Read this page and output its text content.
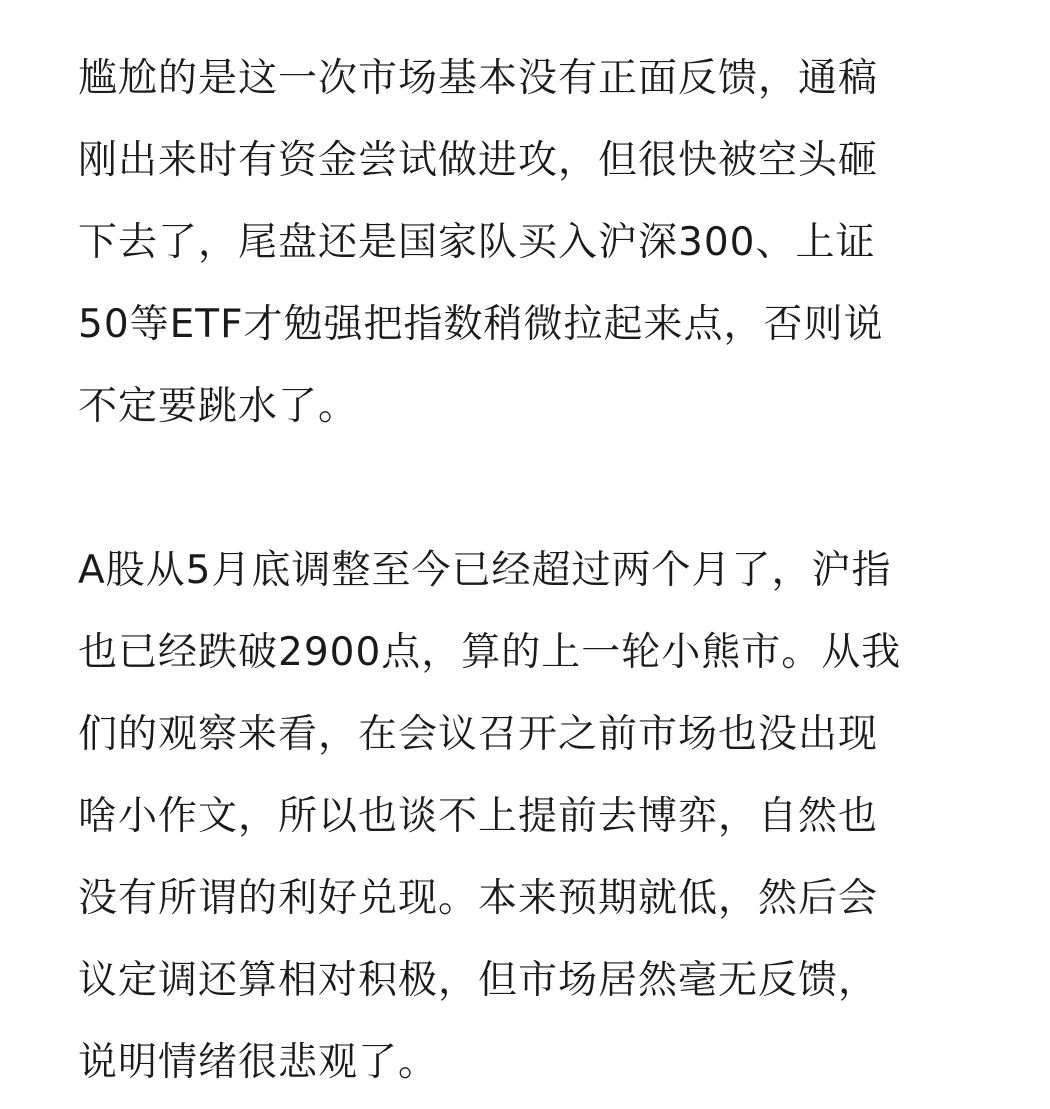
尴尬的是这一次市场基本没有正面反馈，通稿
刚出来时有资金尝试做进攻，但很快被空头砸
下去了，尾盘还是国家队买入沪深300、上证
50等ETF才勉强把指数稍微拉起来点，否则说
不定要跳水了。

A股从5月底调整至今已经超过两个月了，沪指
也已经跌破2900点，算的上一轮小熊市。从我
们的观察来看，在会议召开之前市场也没出现
啥小作文，所以也谈不上提前去博弈，自然也
没有所谓的利好兑现。本来预期就低，然后会
议定调还算相对积极，但市场居然毫无反馈，
说明情绪很悲观了。
